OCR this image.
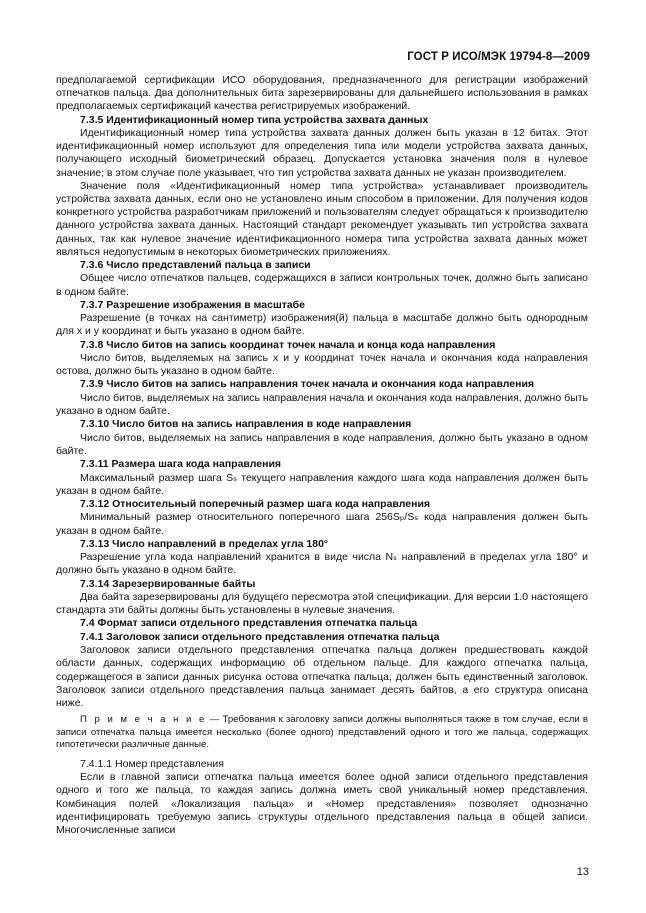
ГОСТ Р ИСО/МЭК 19794-8—2009

предполагаемой сертификации ИСО оборудования, предназначенного для регистрации изображений отпечатков пальца. Два дополнительных бита зарезервированы для дальнейшего использования в рамках предполагаемых сертификаций качества регистрируемых изображений.

7.3.5 Идентификационный номер типа устройства захвата данных

Идентификационный номер типа устройства захвата данных должен быть указан в 12 битах. Этот идентификационный номер используют для определения типа или модели устройства захвата данных, получающего исходный биометрический образец. Допускается установка значения поля в нулевое значение; в этом случае поле указывает, что тип устройства захвата данных не указан производителем.

Значение поля «Идентификационный номер типа устройства» устанавливает производитель устройства захвата данных, если оно не установлено иным способом в приложении. Для получения кодов конкретного устройства разработчикам приложений и пользователям следует обращаться к производителю данного устройства захвата данных. Настоящий стандарт рекомендует указывать тип устройства захвата данных, так как нулевое значение идентификационного номера типа устройства захвата данных может являться недопустимым в некоторых биометрических приложениях.

7.3.6 Число представлений пальца в записи

Общее число отпечатков пальцев, содержащихся в записи контрольных точек, должно быть записано в одном байте.

7.3.7 Разрешение изображения в масштабе

Разрешение (в точках на сантиметр) изображения(й) пальца в масштабе должно быть однородным для x и y координат и быть указано в одном байте.

7.3.8 Число битов на запись координат точек начала и конца кода направления

Число битов, выделяемых на запись x и y координат точек начала и окончания кода направления остова, должно быть указано в одном байте.

7.3.9 Число битов на запись направления точек начала и окончания кода направления

Число битов, выделяемых на запись направления начала и окончания кода направления, должно быть указано в одном байте.

7.3.10 Число битов на запись направления в коде направления

Число битов, выделяемых на запись направления в коде направления, должно быть указано в одном байте.

7.3.11 Размера шага кода направления

Максимальный размер шага Sₛ текущего направления каждого шага кода направления должен быть указан в одном байте.

7.3.12 Относительный поперечный размер шага кода направления

Минимальный размер относительного поперечного шага 256Sₚ/Sₛ кода направления должен быть указан в одном байте.

7.3.13 Число направлений в пределах угла 180°

Разрешение угла кода направлений хранится в виде числа Nₛ направлений в пределах угла 180° и должно быть указано в одном байте.

7.3.14 Зарезервированные байты

Два байта зарезервированы для будущего пересмотра этой спецификации. Для версии 1.0 настоящего стандарта эти байты должны быть установлены в нулевые значения.

7.4 Формат записи отдельного представления отпечатка пальца
7.4.1 Заголовок записи отдельного представления отпечатка пальца

Заголовок записи отдельного представления отпечатка пальца должен предшествовать каждой области данных, содержащих информацию об отдельном пальце. Для каждого отпечатка пальца, содержащегося в записи данных рисунка остова отпечатка пальца, должен быть единственный заголовок. Заголовок записи отдельного представления пальца занимает десять байтов, а его структура описана ниже.

П р и м е ч а н и е — Требования к заголовку записи должны выполняться также в том случае, если в записи отпечатка пальца имеется несколько (более одного) представлений одного и того же пальца, содержащих гипотетически различные данные.

7.4.1.1 Номер представления

Если в главной записи отпечатка пальца имеется более одной записи отдельного представления одного и того же пальца, то каждая запись должна иметь свой уникальный номер представления. Комбинация полей «Локализация пальца» и «Номер представления» позволяет однозначно идентифицировать требуемую запись структуры отдельного представления пальца в общей записи. Многочисленные записи

13
